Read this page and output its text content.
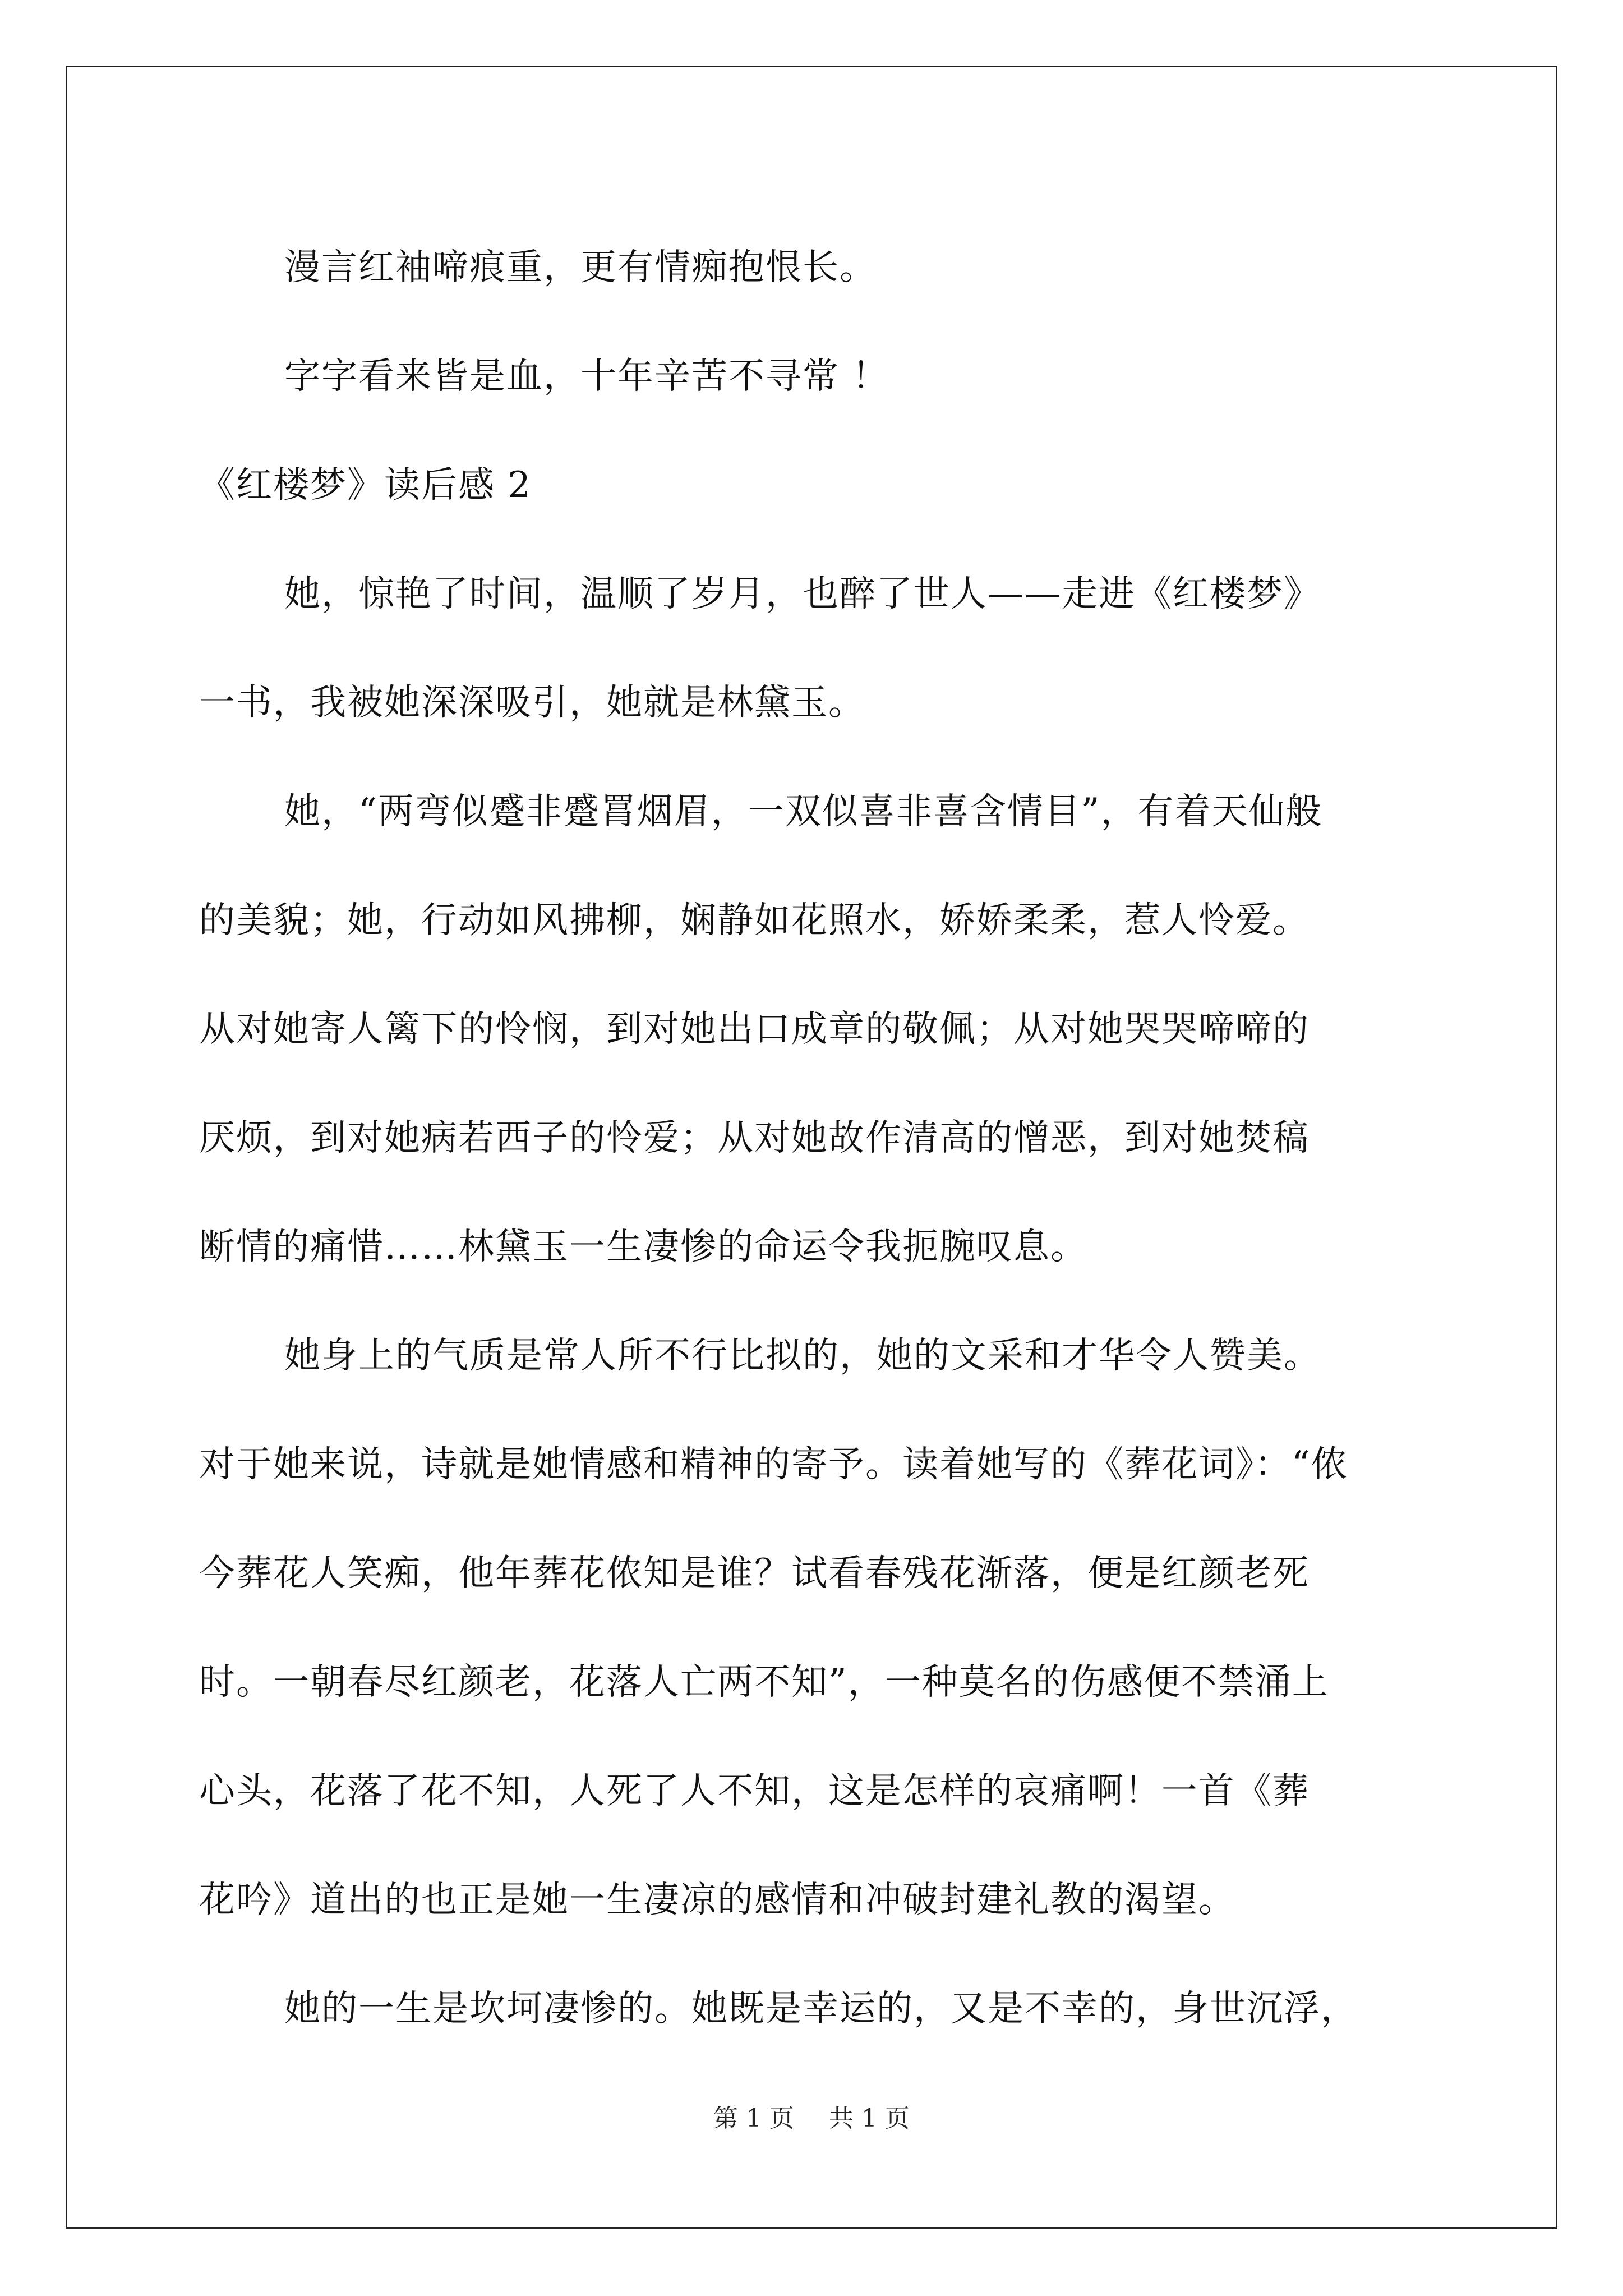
漫言红袖啼痕重，更有情痴抱恨长。
字字看来皆是血，十年辛苦不寻常 ！
《红楼梦》读后感 2
她，惊艳了时间，温顺了岁月，也醉了世人——走进《红楼梦》
一书，我被她深深吸引，她就是林黛玉。
她，“两弯似蹙非蹙罥烟眉，一双似喜非喜含情目”，有着天仙般
的美貌；她，行动如风拂柳，娴静如花照水，娇娇柔柔，惹人怜爱。
从对她寄人篱下的怜悯，到对她出口成章的敬佩；从对她哭哭啼啼的
厌烦，到对她病若西子的怜爱；从对她故作清高的憎恶，到对她焚稿
断情的痛惜……林黛玉一生凄惨的命运令我扼腕叹息。
她身上的气质是常人所不行比拟的，她的文采和才华令人赞美。
对于她来说，诗就是她情感和精神的寄予。读着她写的《葬花词》：“侬
今葬花人笑痴，他年葬花侬知是谁？试看春残花渐落，便是红颜老死
时。一朝春尽红颜老，花落人亡两不知”，一种莫名的伤感便不禁涌上
心头，花落了花不知，人死了人不知，这是怎样的哀痛啊！一首《葬
花吟》道出的也正是她一生凄凉的感情和冲破封建礼教的渴望。
她的一生是坎坷凄惨的。她既是幸运的，又是不幸的，身世沉浮，
第 1 页 共 1 页
